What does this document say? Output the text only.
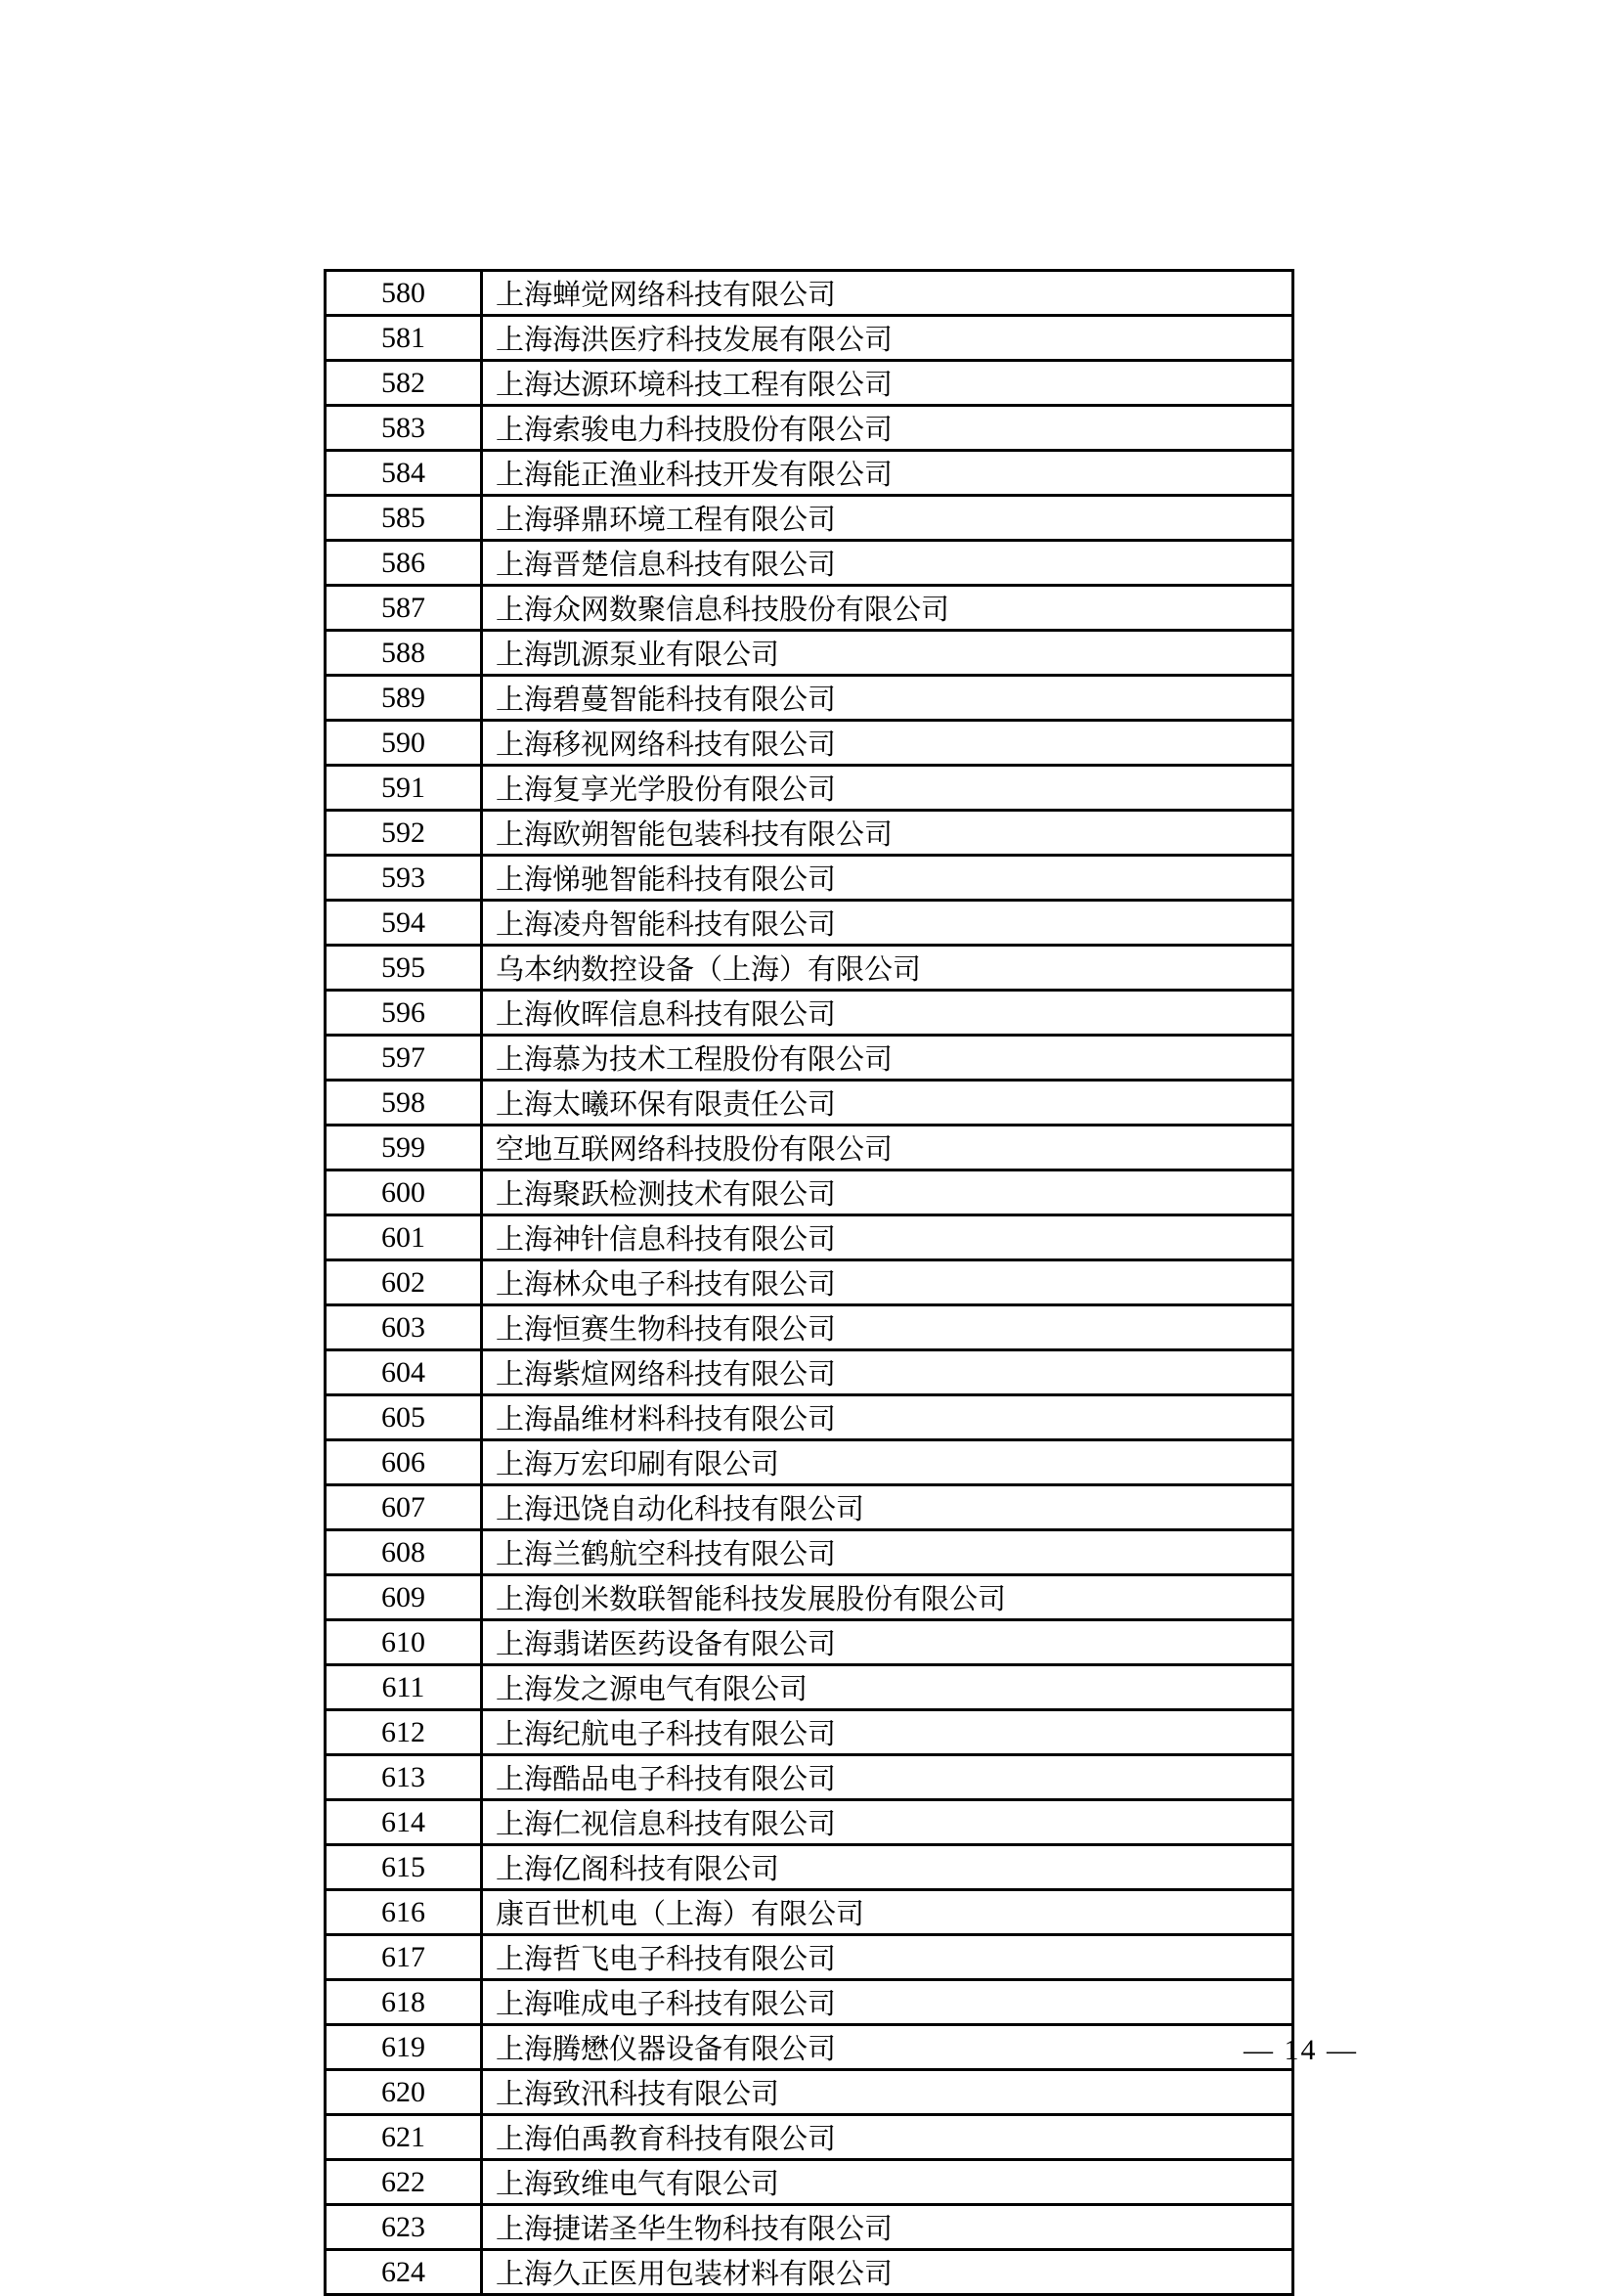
580	上海蝉觉网络科技有限公司
581	上海海洪医疗科技发展有限公司
582	上海达源环境科技工程有限公司
583	上海索骏电力科技股份有限公司
584	上海能正渔业科技开发有限公司
585	上海驿鼎环境工程有限公司
586	上海晋楚信息科技有限公司
587	上海众网数聚信息科技股份有限公司
588	上海凯源泵业有限公司
589	上海碧蔓智能科技有限公司
590	上海移视网络科技有限公司
591	上海复享光学股份有限公司
592	上海欧朔智能包装科技有限公司
593	上海悌驰智能科技有限公司
594	上海凌舟智能科技有限公司
595	乌本纳数控设备（上海）有限公司
596	上海攸晖信息科技有限公司
597	上海慕为技术工程股份有限公司
598	上海太曦环保有限责任公司
599	空地互联网络科技股份有限公司
600	上海聚跃检测技术有限公司
601	上海神针信息科技有限公司
602	上海林众电子科技有限公司
603	上海恒赛生物科技有限公司
604	上海紫煊网络科技有限公司
605	上海晶维材料科技有限公司
606	上海万宏印刷有限公司
607	上海迅饶自动化科技有限公司
608	上海兰鹤航空科技有限公司
609	上海创米数联智能科技发展股份有限公司
610	上海翡诺医药设备有限公司
611	上海发之源电气有限公司
612	上海纪航电子科技有限公司
613	上海酷品电子科技有限公司
614	上海仁视信息科技有限公司
615	上海亿阁科技有限公司
616	康百世机电（上海）有限公司
617	上海哲飞电子科技有限公司
618	上海唯成电子科技有限公司
619	上海腾懋仪器设备有限公司
620	上海致汛科技有限公司
621	上海伯禹教育科技有限公司
622	上海致维电气有限公司
623	上海捷诺圣华生物科技有限公司
624	上海久正医用包装材料有限公司
— 14 —
